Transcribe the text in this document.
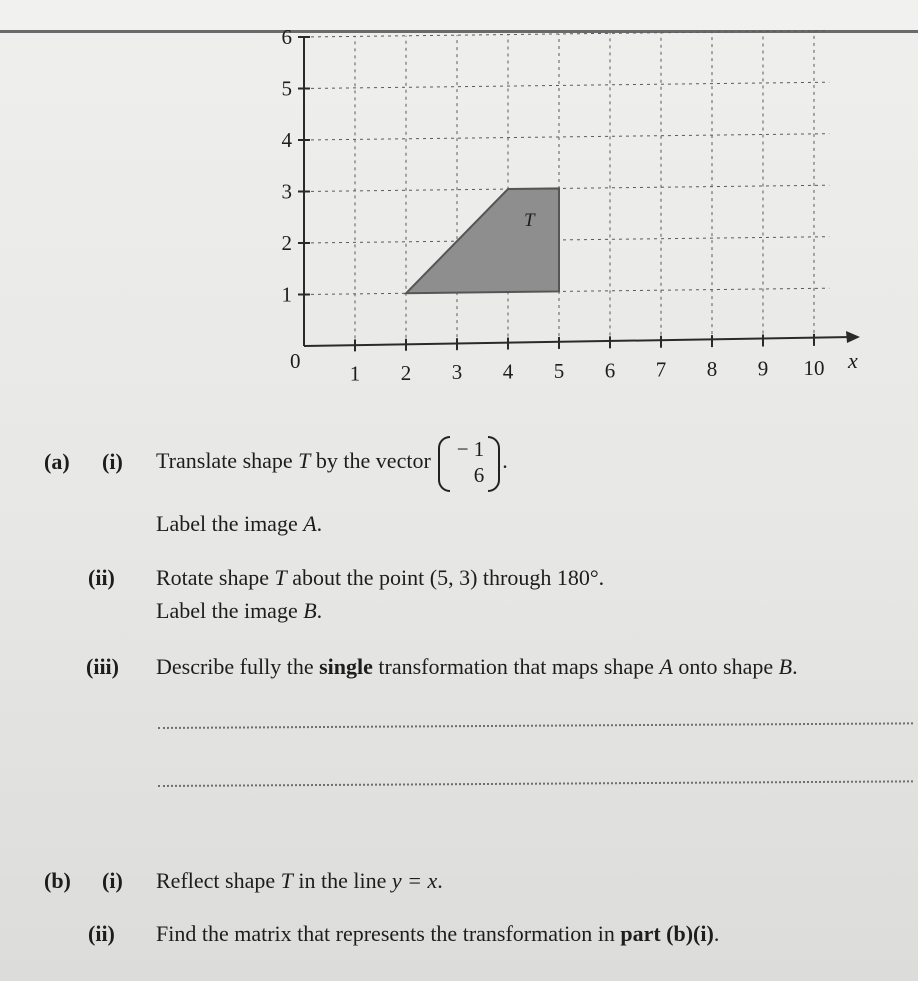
1 2 3 4 5 6 7 8 9 10
1
2
3
4
5
6
0	x
T
(a) (i) Translate shape T by the vector − 1
6
.
Label the image A.
(ii) Rotate shape T about the point (5, 3) through 180°.
Label the image B.
(iii) Describe fully the single transformation that maps shape A onto shape B.
(b) (i) Reflect shape T in the line y = x.
(ii) Find the matrix that represents the transformation in part (b)(i).
